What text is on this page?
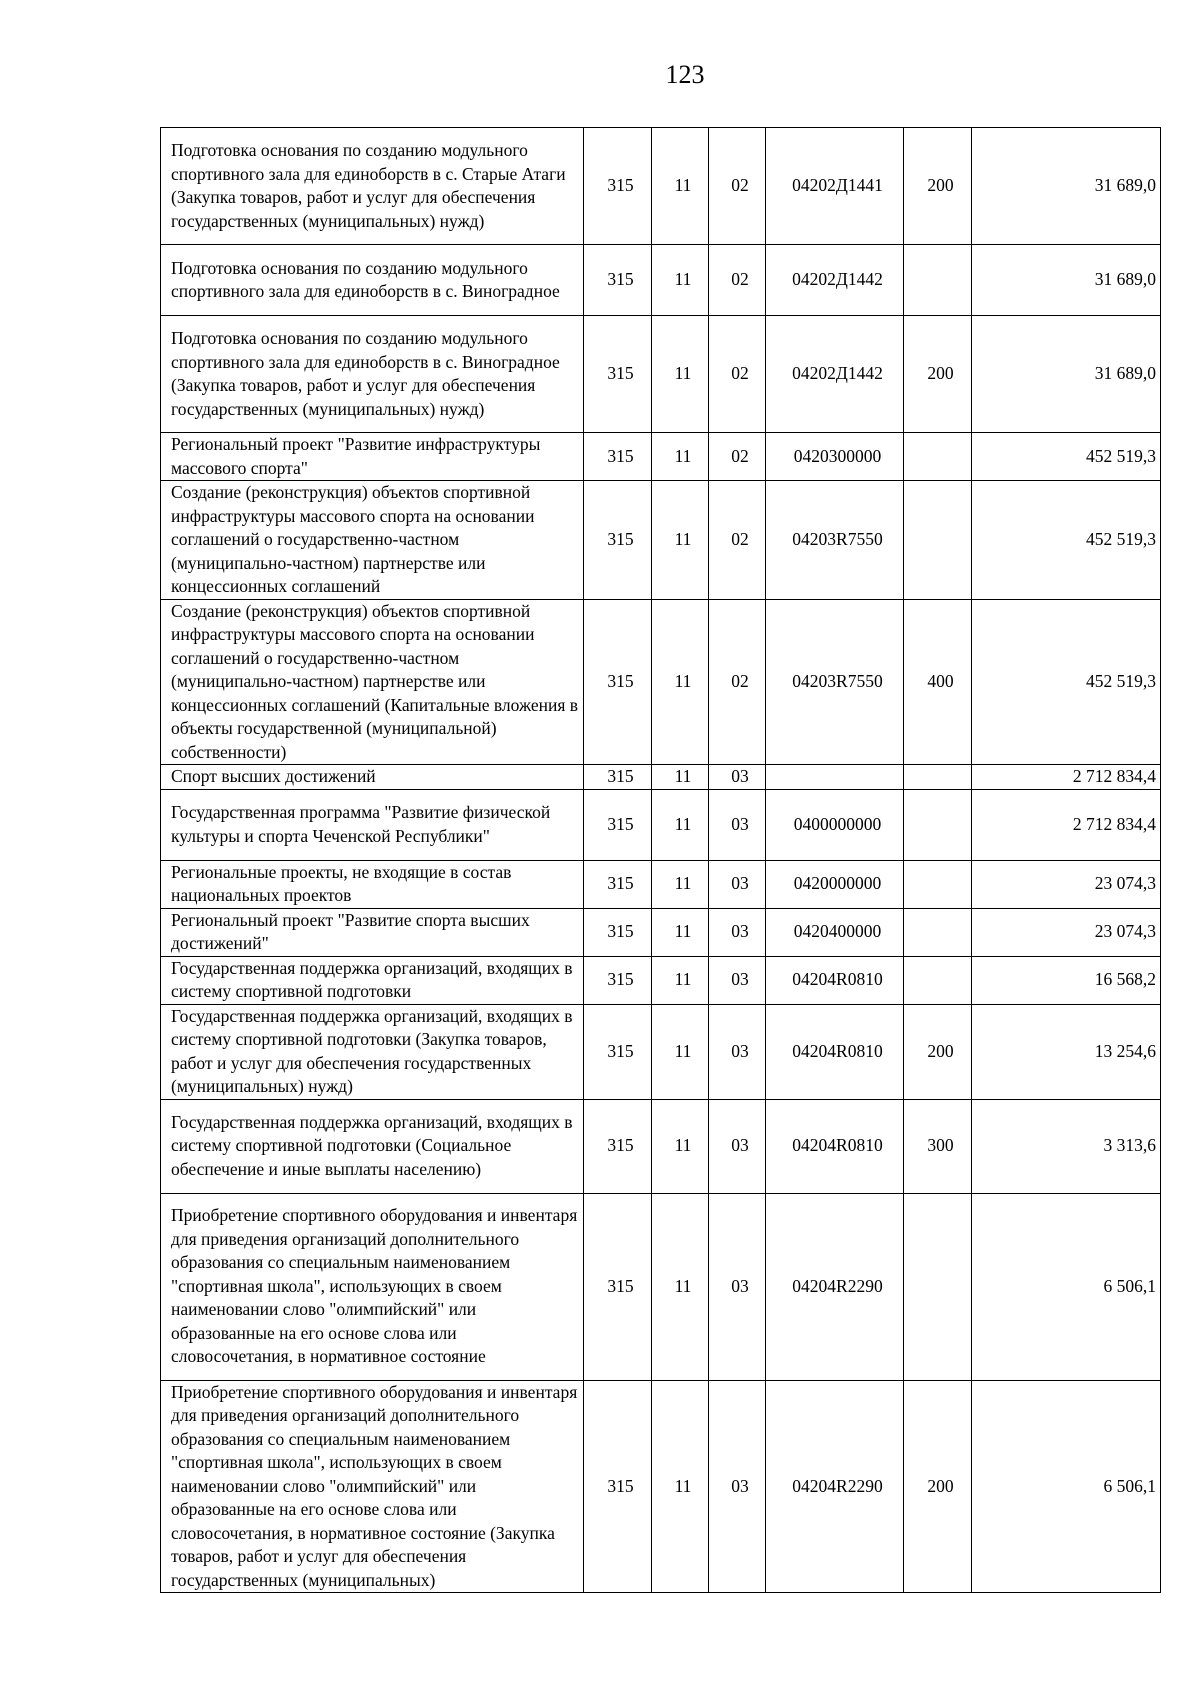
123
Подготовка основания по созданию модульного спортивного зала для единоборств в с. Старые Атаги (Закупка товаров, работ и услуг для обеспечения государственных (муниципальных) нужд)	315	11	02	04202Д1441	200	31 689,0
Подготовка основания по созданию модульного спортивного зала для единоборств в с. Виноградное	315	11	02	04202Д1442		31 689,0
Подготовка основания по созданию модульного спортивного зала для единоборств в с. Виноградное (Закупка товаров, работ и услуг для обеспечения государственных (муниципальных) нужд)	315	11	02	04202Д1442	200	31 689,0
Региональный проект "Развитие инфраструктуры массового спорта"	315	11	02	0420300000		452 519,3
Создание (реконструкция) объектов спортивной инфраструктуры массового спорта на основании соглашений о государственно-частном (муниципально-частном) партнерстве или концессионных соглашений	315	11	02	04203R7550		452 519,3
Создание (реконструкция) объектов спортивной инфраструктуры массового спорта на основании соглашений о государственно-частном (муниципально-частном) партнерстве или концессионных соглашений (Капитальные вложения в объекты государственной (муниципальной) собственности)	315	11	02	04203R7550	400	452 519,3
Спорт высших достижений	315	11	03			2 712 834,4
Государственная программа "Развитие физической культуры и спорта Чеченской Республики"	315	11	03	0400000000		2 712 834,4
Региональные проекты, не входящие в состав национальных проектов	315	11	03	0420000000		23 074,3
Региональный проект "Развитие спорта высших достижений"	315	11	03	0420400000		23 074,3
Государственная поддержка организаций, входящих в систему спортивной подготовки	315	11	03	04204R0810		16 568,2
Государственная поддержка организаций, входящих в систему спортивной подготовки (Закупка товаров, работ и услуг для обеспечения государственных (муниципальных) нужд)	315	11	03	04204R0810	200	13 254,6
Государственная поддержка организаций, входящих в систему спортивной подготовки (Социальное обеспечение и иные выплаты населению)	315	11	03	04204R0810	300	3 313,6
Приобретение спортивного оборудования и инвентаря для приведения организаций дополнительного образования со специальным наименованием "спортивная школа", использующих в своем наименовании слово "олимпийский" или образованные на его основе слова или словосочетания, в нормативное состояние	315	11	03	04204R2290		6 506,1
Приобретение спортивного оборудования и инвентаря для приведения организаций дополнительного образования со специальным наименованием "спортивная школа", использующих в своем наименовании слово "олимпийский" или образованные на его основе слова или словосочетания, в нормативное состояние (Закупка товаров, работ и услуг для обеспечения государственных (муниципальных)	315	11	03	04204R2290	200	6 506,1
